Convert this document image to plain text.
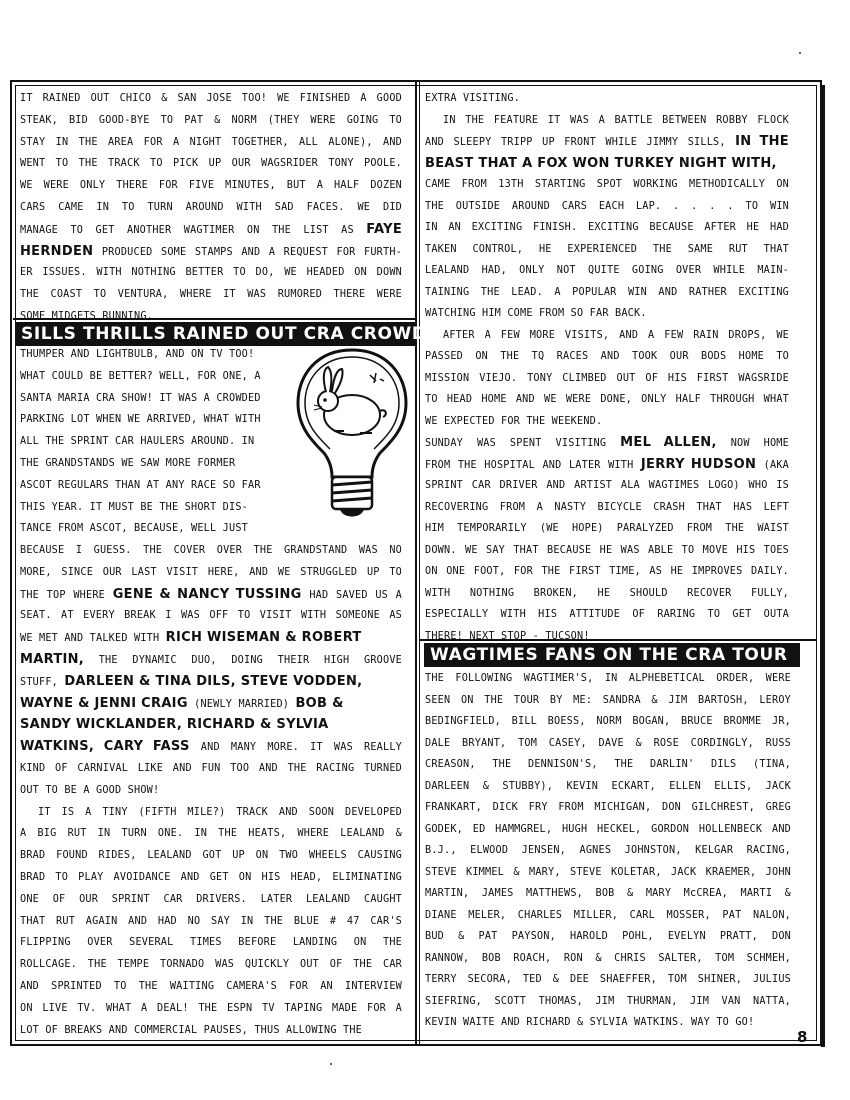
IT RAINED OUT CHICO & SAN JOSE TOO! WE FINISHED A GOOD

STEAK, BID GOOD-BYE TO PAT & NORM (THEY WERE GOING TO

STAY IN THE AREA FOR A NIGHT TOGETHER, ALL ALONE), AND

WENT TO THE TRACK TO PICK UP OUR WAGSRIDER TONY POOLE.

WE WERE ONLY THERE FOR FIVE MINUTES, BUT A HALF DOZEN

CARS CAME IN TO TURN AROUND WITH SAD FACES. WE DID

MANAGE TO GET ANOTHER WAGTIMER ON THE LIST AS FAYE

HERNDEN PRODUCED SOME STAMPS AND A REQUEST FOR FURTH-

ER ISSUES. WITH NOTHING BETTER TO DO, WE HEADED ON DOWN

THE COAST TO VENTURA, WHERE IT WAS RUMORED THERE WERE

SOME MIDGETS RUNNING.

SILLS THRILLS RAINED OUT CRA CROWD

THUMPER AND LIGHTBULB, AND ON TV TOO!

WHAT COULD BE BETTER? WELL, FOR ONE, A

SANTA MARIA CRA SHOW! IT WAS A CROWDED

PARKING LOT WHEN WE ARRIVED, WHAT WITH

ALL THE SPRINT CAR HAULERS AROUND. IN

THE GRANDSTANDS WE SAW MORE FORMER

ASCOT REGULARS THAN AT ANY RACE SO FAR

THIS YEAR. IT MUST BE THE SHORT DIS-

TANCE FROM ASCOT, BECAUSE, WELL JUST

BECAUSE I GUESS. THE COVER OVER THE GRANDSTAND WAS NO

MORE, SINCE OUR LAST VISIT HERE, AND WE STRUGGLED UP TO

THE TOP WHERE GENE & NANCY TUSSING HAD SAVED US A

SEAT. AT EVERY BREAK I WAS OFF TO VISIT WITH SOMEONE AS

WE MET AND TALKED WITH RICH WISEMAN & ROBERT

MARTIN, THE DYNAMIC DUO, DOING THEIR HIGH GROOVE

STUFF, DARLEEN & TINA DILS, STEVE VODDEN,

WAYNE & JENNI CRAIG (NEWLY MARRIED) BOB &

SANDY WICKLANDER, RICHARD & SYLVIA

WATKINS, CARY FASS AND MANY MORE. IT WAS REALLY

KIND OF CARNIVAL LIKE AND FUN TOO AND THE RACING TURNED

OUT TO BE A GOOD SHOW!

IT IS A TINY (FIFTH MILE?) TRACK AND SOON DEVELOPED

A BIG RUT IN TURN ONE. IN THE HEATS, WHERE LEALAND &

BRAD FOUND RIDES, LEALAND GOT UP ON TWO WHEELS CAUSING

BRAD TO PLAY AVOIDANCE AND GET ON HIS HEAD, ELIMINATING

ONE OF OUR SPRINT CAR DRIVERS. LATER LEALAND CAUGHT

THAT RUT AGAIN AND HAD NO SAY IN THE BLUE # 47 CAR'S

FLIPPING OVER SEVERAL TIMES BEFORE LANDING ON THE

ROLLCAGE. THE TEMPE TORNADO WAS QUICKLY OUT OF THE CAR

AND SPRINTED TO THE WAITING CAMERA'S FOR AN INTERVIEW

ON LIVE TV. WHAT A DEAL! THE ESPN TV TAPING MADE FOR A

LOT OF BREAKS AND COMMERCIAL PAUSES, THUS ALLOWING THE

EXTRA VISITING.

IN THE FEATURE IT WAS A BATTLE BETWEEN ROBBY FLOCK

AND SLEEPY TRIPP UP FRONT WHILE JIMMY SILLS, IN THE

BEAST THAT A FOX WON TURKEY NIGHT WITH,

CAME FROM 13TH STARTING SPOT WORKING METHODICALLY ON

THE OUTSIDE AROUND CARS EACH LAP. . . . . TO WIN

IN AN EXCITING FINISH. EXCITING BECAUSE AFTER HE HAD

TAKEN CONTROL, HE EXPERIENCED THE SAME RUT THAT

LEALAND HAD, ONLY NOT QUITE GOING OVER WHILE MAIN-

TAINING THE LEAD. A POPULAR WIN AND RATHER EXCITING

WATCHING HIM COME FROM SO FAR BACK.

AFTER A FEW MORE VISITS, AND A FEW RAIN DROPS, WE

PASSED ON THE TQ RACES AND TOOK OUR BODS HOME TO

MISSION VIEJO. TONY CLIMBED OUT OF HIS FIRST WAGSRIDE

TO HEAD HOME AND WE WERE DONE, ONLY HALF THROUGH WHAT

WE EXPECTED FOR THE WEEKEND.

SUNDAY WAS SPENT VISITING MEL ALLEN, NOW HOME

FROM THE HOSPITAL AND LATER WITH JERRY HUDSON (AKA

SPRINT CAR DRIVER AND ARTIST ALA WAGTIMES LOGO) WHO IS

RECOVERING FROM A NASTY BICYCLE CRASH THAT HAS LEFT

HIM TEMPORARILY (WE HOPE) PARALYZED FROM THE WAIST

DOWN. WE SAY THAT BECAUSE HE WAS ABLE TO MOVE HIS TOES

ON ONE FOOT, FOR THE FIRST TIME, AS HE IMPROVES DAILY.

WITH NOTHING BROKEN, HE SHOULD RECOVER FULLY,

ESPECIALLY WITH HIS ATTITUDE OF RARING TO GET OUTA

THERE! NEXT STOP - TUCSON!

WAGTIMES FANS ON THE CRA TOUR

THE FOLLOWING WAGTIMER'S, IN ALPHEBETICAL ORDER, WERE

SEEN ON THE TOUR BY ME: SANDRA & JIM BARTOSH, LEROY

BEDINGFIELD, BILL BOESS, NORM BOGAN, BRUCE BROMME JR,

DALE BRYANT, TOM CASEY, DAVE & ROSE CORDINGLY, RUSS

CREASON, THE DENNISON'S, THE DARLIN' DILS (TINA,

DARLEEN & STUBBY), KEVIN ECKART, ELLEN ELLIS, JACK

FRANKART, DICK FRY FROM MICHIGAN, DON GILCHREST, GREG

GODEK, ED HAMMGREL, HUGH HECKEL, GORDON HOLLENBECK AND

B.J., ELWOOD JENSEN, AGNES JOHNSTON, KELGAR RACING,

STEVE KIMMEL & MARY, STEVE KOLETAR, JACK KRAEMER, JOHN

MARTIN, JAMES MATTHEWS, BOB & MARY McCREA, MARTI &

DIANE MELER, CHARLES MILLER, CARL MOSSER, PAT NALON,

BUD & PAT PAYSON, HAROLD POHL, EVELYN PRATT, DON

RANNOW, BOB ROACH, RON & CHRIS SALTER, TOM SCHMEH,

TERRY SECORA, TED & DEE SHAEFFER, TOM SHINER, JULIUS

SIEFRING, SCOTT THOMAS, JIM THURMAN, JIM VAN NATTA,

KEVIN WAITE AND RICHARD & SYLVIA WATKINS. WAY TO GO!

8
